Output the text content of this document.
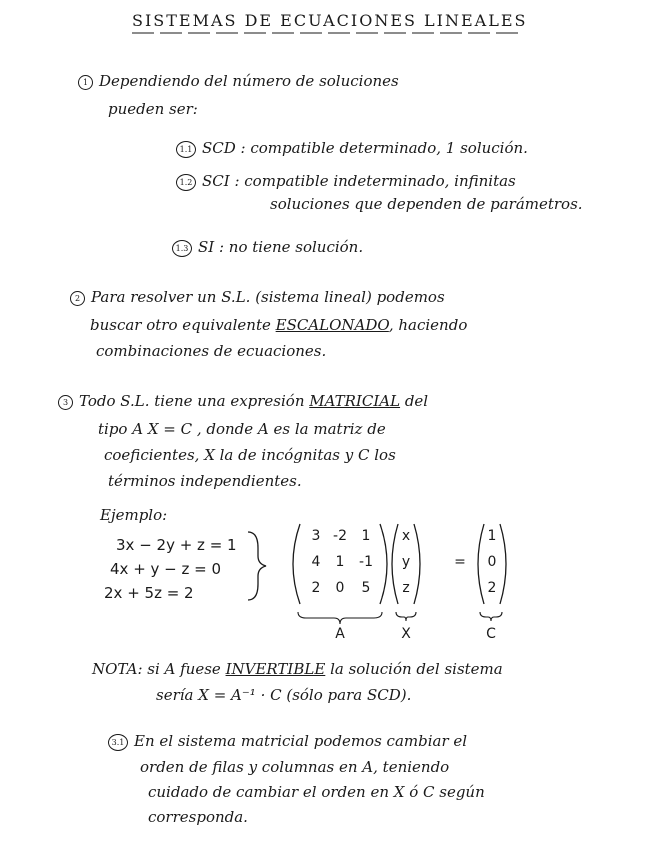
SISTEMAS DE ECUACIONES LINEALES
1 Dependiendo del número de soluciones
pueden ser:
1.1 SCD : compatible determinado, 1 solución.
1.2 SCI : compatible indeterminado, infinitas
soluciones que dependen de parámetros.
1.3 SI : no tiene solución.
2 Para resolver un S.L. (sistema lineal) podemos
buscar otro equivalente ESCALONADO, haciendo
combinaciones de ecuaciones.
3 Todo S.L. tiene una expresión MATRICIAL del
tipo A X = C , donde A es la matriz de
coeficientes, X la de incógnitas y C los
términos independientes.
Ejemplo:
3x − 2y + z = 1
4x + y − z = 0
2x + 5z = 2
3 -2	1
4	1	-1
2	0	5
x
y
z
=
1
0
2
A	X	C
NOTA: si A fuese INVERTIBLE la solución del sistema
sería X = A⁻¹ · C (sólo para SCD).
3.1 En el sistema matricial podemos cambiar el
orden de filas y columnas en A, teniendo
cuidado de cambiar el orden en X ó C según
corresponda.
